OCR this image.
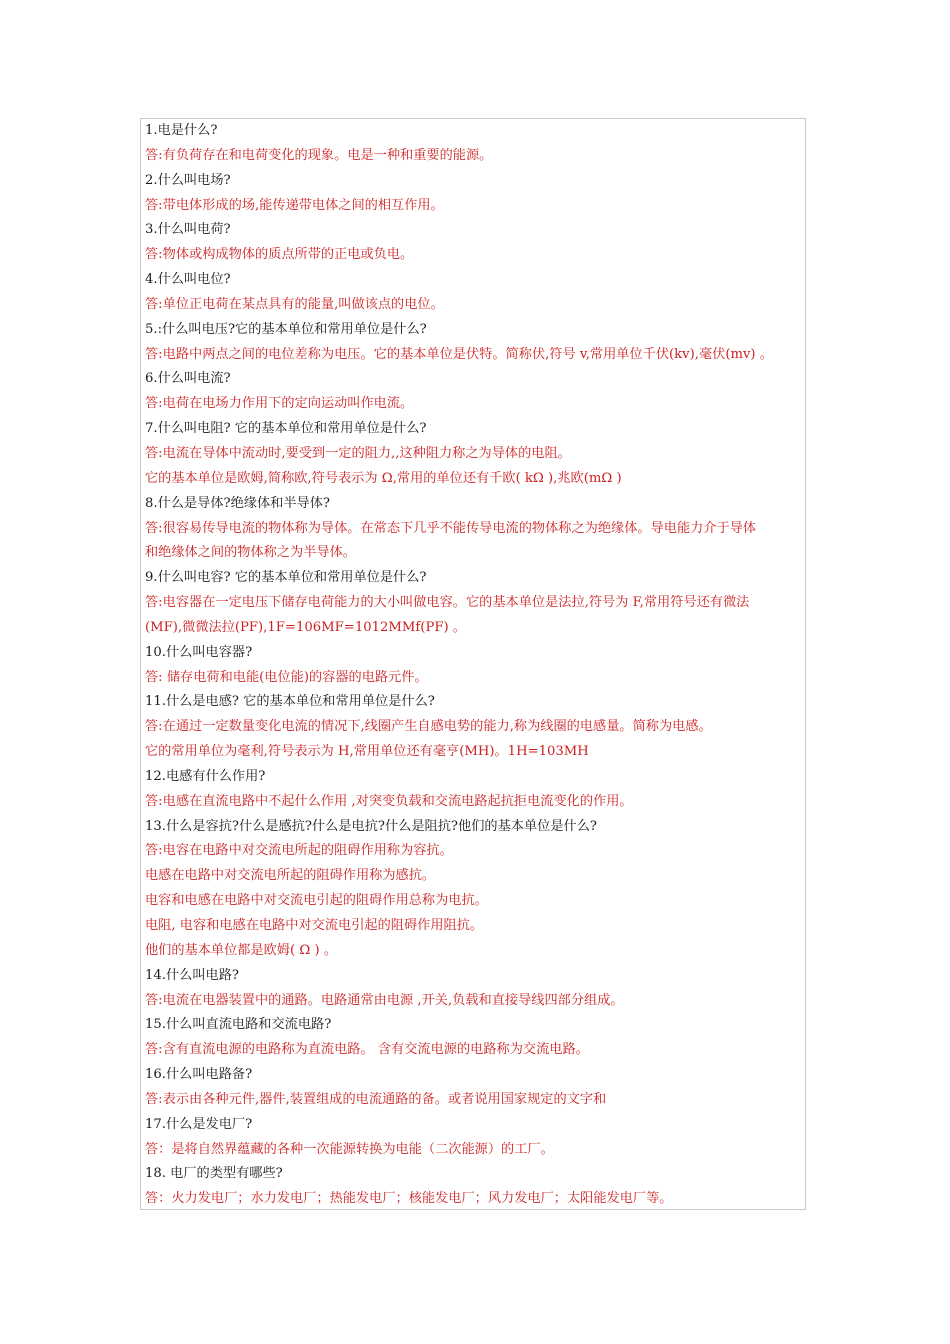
1.电是什么?
答:有负荷存在和电荷变化的现象。电是一种和重要的能源。
2.什么叫电场?
答:带电体形成的场,能传递带电体之间的相互作用。
3.什么叫电荷?
答:物体或构成物体的质点所带的正电或负电。
4.什么叫电位?
答:单位正电荷在某点具有的能量,叫做该点的电位。
5.:什么叫电压?它的基本单位和常用单位是什么?
答:电路中两点之间的电位差称为电压。它的基本单位是伏特。简称伏,符号 v,常用单位千伏(kv),毫伏(mv) 。
6.什么叫电流?
答:电荷在电场力作用下的定向运动叫作电流。
7.什么叫电阻? 它的基本单位和常用单位是什么?
答:电流在导体中流动时,要受到一定的阻力,,这种阻力称之为导体的电阻。
它的基本单位是欧姆,简称欧,符号表示为 Ω,常用的单位还有千欧( kΩ ),兆欧(mΩ )
8.什么是导体?绝缘体和半导体?
答:很容易传导电流的物体称为导体。在常态下几乎不能传导电流的物体称之为绝缘体。导电能力介于导体
和绝缘体之间的物体称之为半导体。
9.什么叫电容? 它的基本单位和常用单位是什么?
答:电容器在一定电压下储存电荷能力的大小叫做电容。它的基本单位是法拉,符号为 F,常用符号还有微法
(MF),微微法拉(PF),1F=106MF=1012MMf(PF) 。
10.什么叫电容器?
答: 储存电荷和电能(电位能)的容器的电路元件。
11.什么是电感? 它的基本单位和常用单位是什么?
答:在通过一定数量变化电流的情况下,线圈产生自感电势的能力,称为线圈的电感量。简称为电感。
它的常用单位为毫利,符号表示为 H,常用单位还有毫亨(MH)。1H=103MH
12.电感有什么作用?
答:电感在直流电路中不起什么作用 ,对突变负载和交流电路起抗拒电流变化的作用。
13.什么是容抗?什么是感抗?什么是电抗?什么是阻抗?他们的基本单位是什么?
答:电容在电路中对交流电所起的阻碍作用称为容抗。
电感在电路中对交流电所起的阻碍作用称为感抗。
电容和电感在电路中对交流电引起的阻碍作用总称为电抗。
电阻, 电容和电感在电路中对交流电引起的阻碍作用阻抗。
他们的基本单位都是欧姆( Ω ) 。
14.什么叫电路?
答:电流在电器装置中的通路。电路通常由电源 ,开关,负载和直接导线四部分组成。
15.什么叫直流电路和交流电路?
答:含有直流电源的电路称为直流电路。 含有交流电源的电路称为交流电路。
16.什么叫电路备?
答:表示由各种元件,器件,装置组成的电流通路的备。或者说用国家规定的文字和
17.什么是发电厂?
答：是将自然界蕴藏的各种一次能源转换为电能（二次能源）的工厂。
18. 电厂的类型有哪些?
答：火力发电厂；水力发电厂；热能发电厂；核能发电厂；风力发电厂；太阳能发电厂等。
